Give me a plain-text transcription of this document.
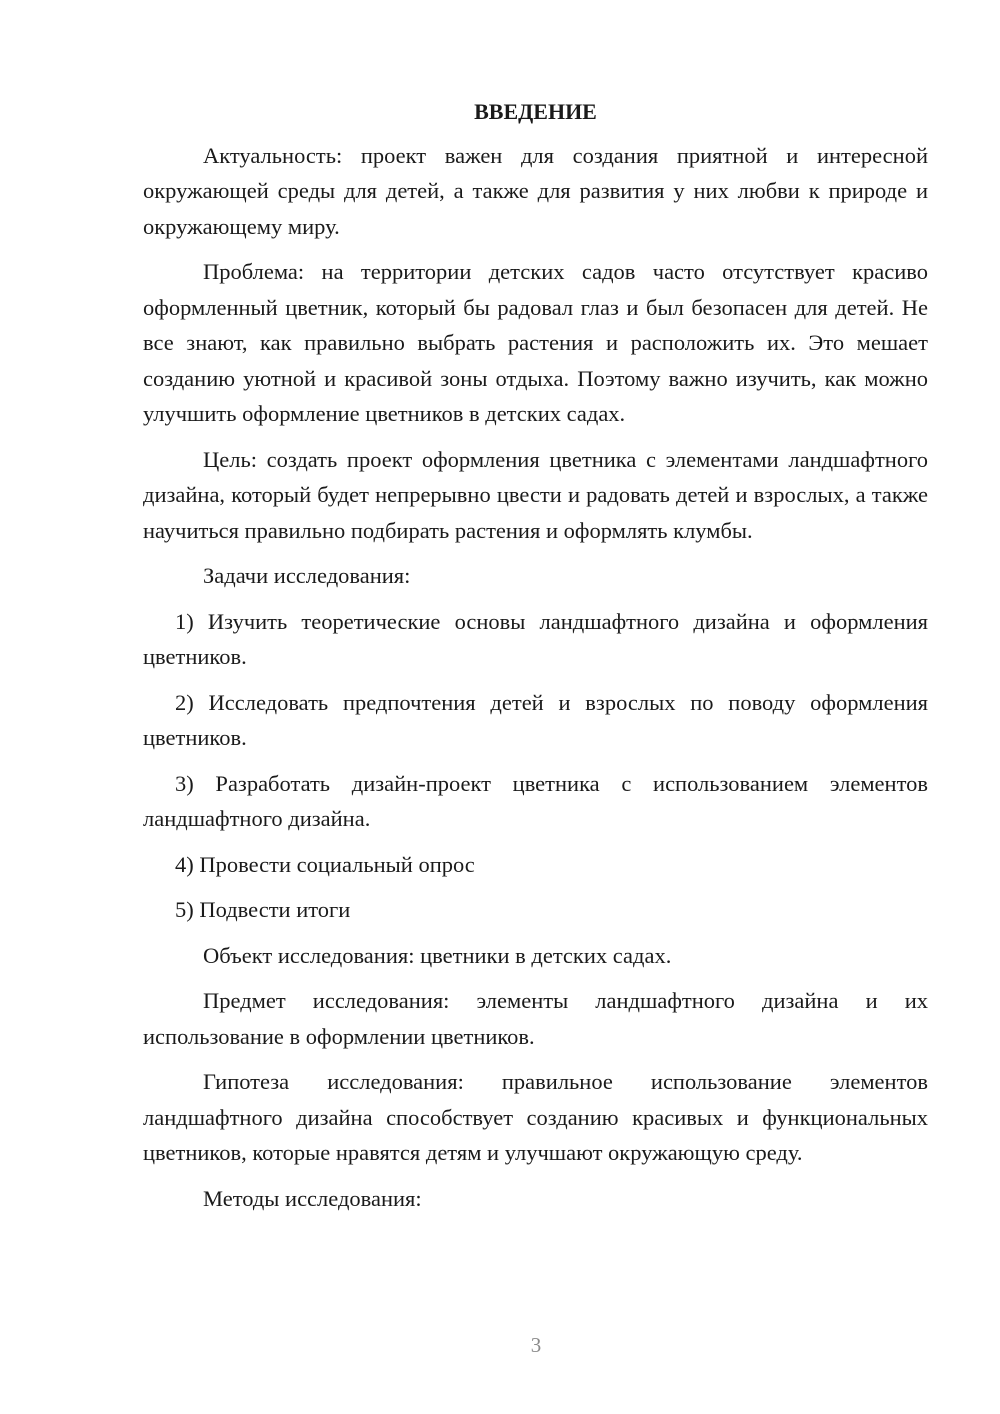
ВВЕДЕНИЕ

Актуальность: проект важен для создания приятной и интересной окружающей среды для детей, а также для развития у них любви к природе и окружающему миру.

Проблема: на территории детских садов часто отсутствует красиво оформленный цветник, который бы радовал глаз и был безопасен для детей. Не все знают, как правильно выбрать растения и расположить их. Это мешает созданию уютной и красивой зоны отдыха. Поэтому важно изучить, как можно улучшить оформление цветников в детских садах.

Цель: создать проект оформления цветника с элементами ландшафтного дизайна, который будет непрерывно цвести и радовать детей и взрослых, а также научиться правильно подбирать растения и оформлять клумбы.

Задачи исследования:

1) Изучить теоретические основы ландшафтного дизайна и оформления цветников.

2) Исследовать предпочтения детей и взрослых по поводу оформления цветников.

3) Разработать дизайн-проект цветника с использованием элементов ландшафтного дизайна.

4) Провести социальный опрос

5) Подвести итоги

Объект исследования: цветники в детских садах.

Предмет исследования: элементы ландшафтного дизайна и их использование в оформлении цветников.

Гипотеза исследования: правильное использование элементов ландшафтного дизайна способствует созданию красивых и функциональных цветников, которые нравятся детям и улучшают окружающую среду.

Методы исследования:

3
